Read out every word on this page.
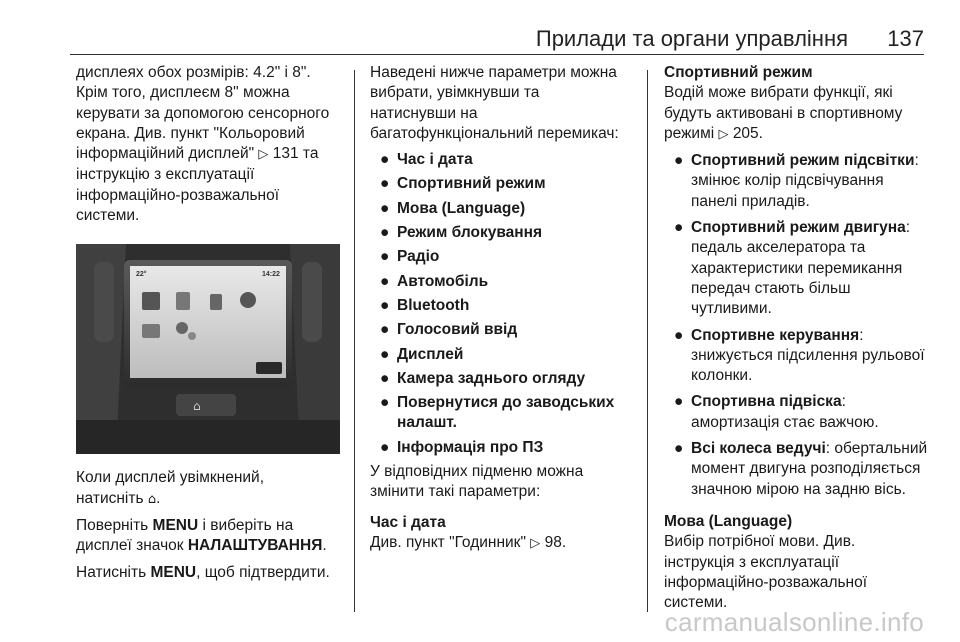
Прилади та органи управління 137

дисплеях обох розмірів: 4.2" і 8".
Крім того, дисплеєм 8" можна
керувати за допомогою сенсорного
екрана. Див. пункт "Кольоровий
інформаційний дисплей" ▷ 131 та
інструкцію з експлуатації
інформаційно-розважальної
системи.

22°	14:22
⌂

Коли дисплей увімкнений,
натисніть ⌂.

Поверніть MENU і виберіть на
дисплеї значок НАЛАШТУВАННЯ.

Натисніть MENU, щоб підтвердити.

Наведені нижче параметри можна
вибрати, увімкнувши та
натиснувши на
багатофункціональний перемикач:

● Час і дата
● Спортивний режим
● Мова (Language)
● Режим блокування
● Радіо
● Автомобіль
● Bluetooth
● Голосовий ввід
● Дисплей
● Камера заднього огляду
● Повернутися до заводських налашт.
● Інформація про ПЗ

У відповідних підменю можна
змінити такі параметри:

Час і дата

Див. пункт "Годинник" ▷ 98.

Спортивний режим

Водій може вибрати функції, які
будуть активовані в спортивному
режимі ▷ 205.

● Спортивний режим підсвітки: змінює колір підсвічування панелі приладів.
● Спортивний режим двигуна: педаль акселератора та характеристики перемикання передач стають більш чутливими.
● Спортивне керування: знижується підсилення рульової колонки.
● Спортивна підвіска: амортизація стає важчою.
● Всі колеса ведучі: обертальний момент двигуна розподіляється значною мірою на задню вісь.

Мова (Language)

Вибір потрібної мови. Див.
інструкція з експлуатації
інформаційно-розважальної
системи.

carmanualsonline.info
